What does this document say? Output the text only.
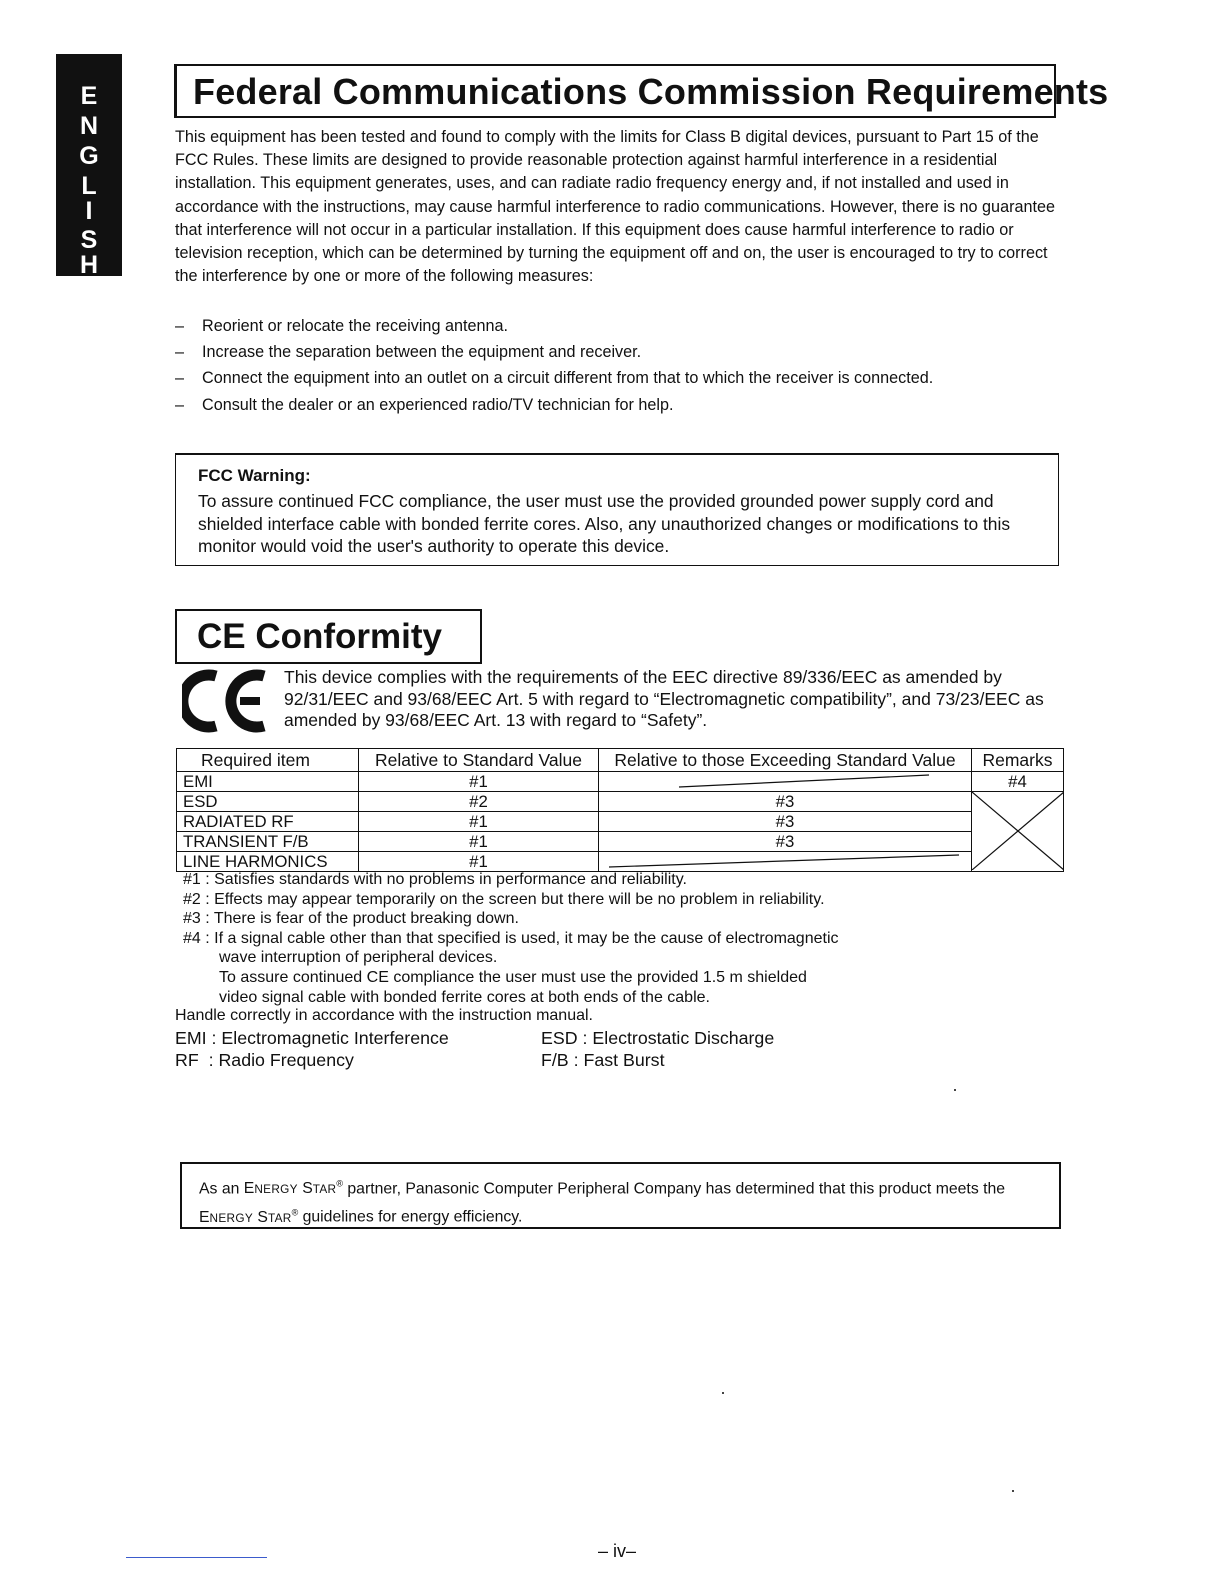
E
N
G
L
I
S
H
Federal Communications Commission Requirements

This equipment has been tested and found to comply with the limits for Class B digital devices, pursuant to Part 15 of the FCC Rules. These limits are designed to provide reasonable protection against harmful interference in a residential installation. This equipment generates, uses, and can radiate radio frequency energy and, if not installed and used in accordance with the instructions, may cause harmful interference to radio communications. However, there is no guarantee that interference will not occur in a particular installation. If this equipment does cause harmful interference to radio or television reception, which can be determined by turning the equipment off and on, the user is encouraged to try to correct the interference by one or more of the following measures:

– Reorient or relocate the receiving antenna.
– Increase the separation between the equipment and receiver.
– Connect the equipment into an outlet on a circuit different from that to which the receiver is connected.
– Consult the dealer or an experienced radio/TV technician for help.
FCC Warning:

To assure continued FCC compliance, the user must use the provided grounded power supply cord and shielded interface cable with bonded ferrite cores. Also, any unauthorized changes or modifications to this monitor would void the user's authority to operate this device.

CE Conformity

This device complies with the requirements of the EEC directive 89/336/EEC as amended by 92/31/EEC and 93/68/EEC Art. 5 with regard to “Electromagnetic compatibility”, and 73/23/EEC as amended by 93/68/EEC Art. 13 with regard to “Safety”.

Required item	Relative to Standard Value	Relative to those Exceeding Standard Value	Remarks
EMI	#1		#4
ESD	#2	#3	

RADIATED RF	#1	#3	
TRANSIENT F/B	#1	#3	
LINE HARMONICS	#1	

#1 : Satisfies standards with no problems in performance and reliability.

#2 : Effects may appear temporarily on the screen but there will be no problem in reliability.

#3 : There is fear of the product breaking down.

#4 : If a signal cable other than that specified is used, it may be the cause of electromagnetic

wave interruption of peripheral devices.

To assure continued CE compliance the user must use the provided 1.5 m shielded

video signal cable with bonded ferrite cores at both ends of the cable.

Handle correctly in accordance with the instruction manual.

EMI : Electromagnetic Interference	ESD : Electrostatic Discharge
RF  : Radio Frequency	F/B : Fast Burst
As an ENERGY STAR® partner, Panasonic Computer Peripheral Company has determined that this product meets the ENERGY STAR® guidelines for energy efficiency.
– iv–
